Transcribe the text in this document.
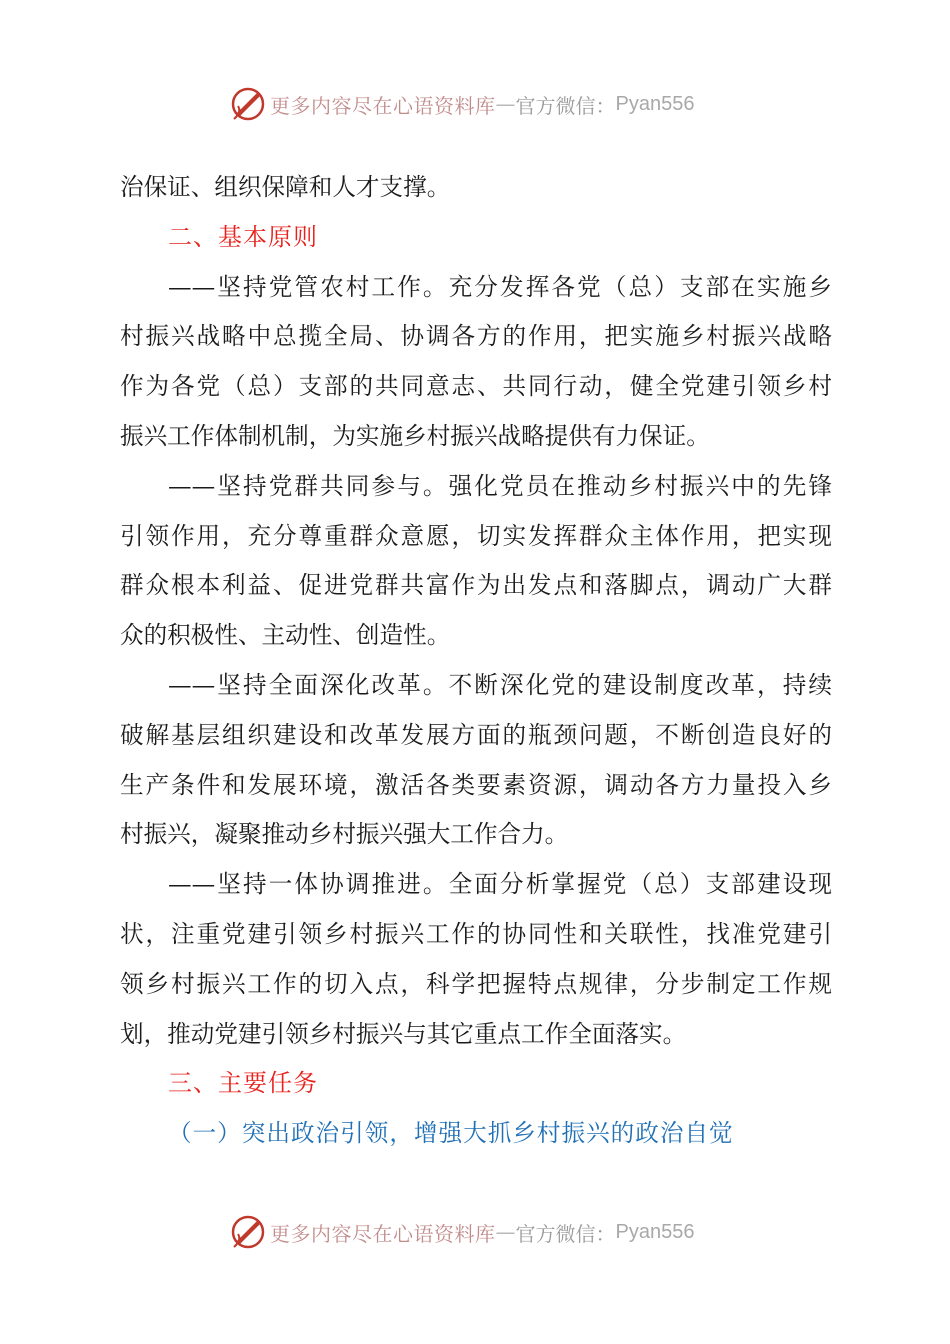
更多内容尽在心语资料库 — 官方微信： Pyan556
治保证、组织保障和人才支撑。
二、基本原则
——坚持党管农村工作。充分发挥各党（总）支部在实施乡
村振兴战略中总揽全局、协调各方的作用，把实施乡村振兴战略
作为各党（总）支部的共同意志、共同行动，健全党建引领乡村
振兴工作体制机制，为实施乡村振兴战略提供有力保证。
——坚持党群共同参与。强化党员在推动乡村振兴中的先锋
引领作用，充分尊重群众意愿，切实发挥群众主体作用，把实现
群众根本利益、促进党群共富作为出发点和落脚点，调动广大群
众的积极性、主动性、创造性。
——坚持全面深化改革。不断深化党的建设制度改革，持续
破解基层组织建设和改革发展方面的瓶颈问题，不断创造良好的
生产条件和发展环境，激活各类要素资源，调动各方力量投入乡
村振兴，凝聚推动乡村振兴强大工作合力。
——坚持一体协调推进。全面分析掌握党（总）支部建设现
状，注重党建引领乡村振兴工作的协同性和关联性，找准党建引
领乡村振兴工作的切入点，科学把握特点规律，分步制定工作规
划，推动党建引领乡村振兴与其它重点工作全面落实。
三、主要任务
（一）突出政治引领，增强大抓乡村振兴的政治自觉
更多内容尽在心语资料库 — 官方微信： Pyan556
